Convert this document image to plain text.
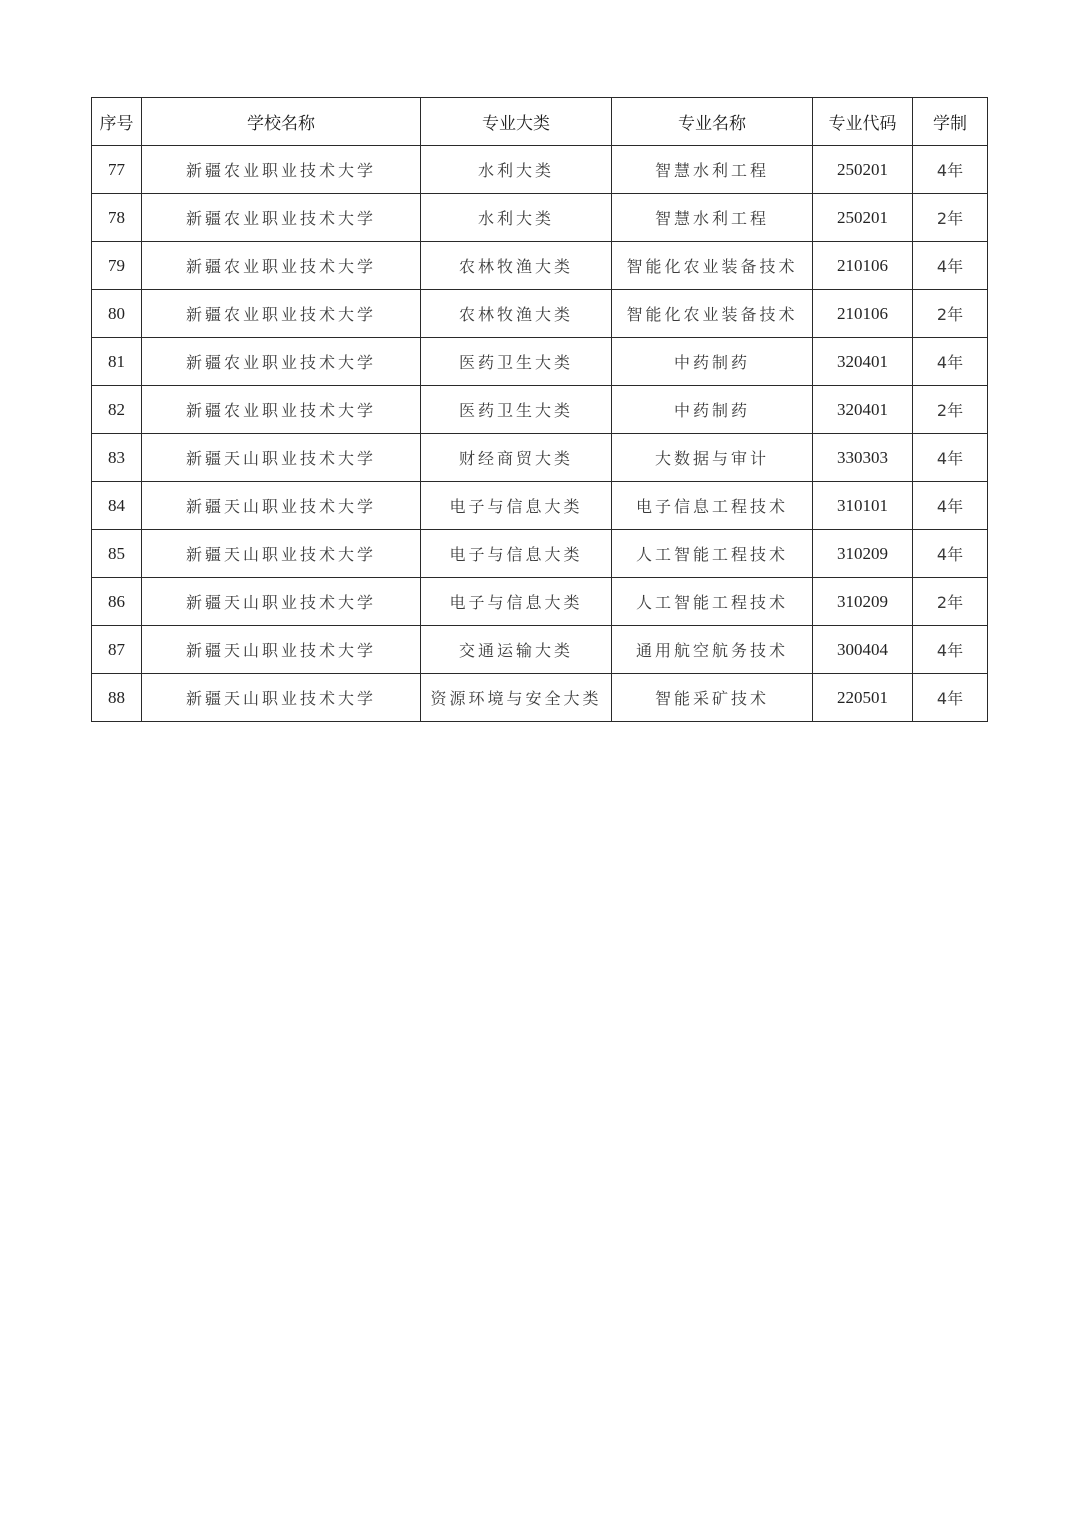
序号	学校名称	专业大类	专业名称	专业代码	学制
77	新疆农业职业技术大学	水利大类	智慧水利工程	250201	4年
78	新疆农业职业技术大学	水利大类	智慧水利工程	250201	2年
79	新疆农业职业技术大学	农林牧渔大类	智能化农业装备技术	210106	4年
80	新疆农业职业技术大学	农林牧渔大类	智能化农业装备技术	210106	2年
81	新疆农业职业技术大学	医药卫生大类	中药制药	320401	4年
82	新疆农业职业技术大学	医药卫生大类	中药制药	320401	2年
83	新疆天山职业技术大学	财经商贸大类	大数据与审计	330303	4年
84	新疆天山职业技术大学	电子与信息大类	电子信息工程技术	310101	4年
85	新疆天山职业技术大学	电子与信息大类	人工智能工程技术	310209	4年
86	新疆天山职业技术大学	电子与信息大类	人工智能工程技术	310209	2年
87	新疆天山职业技术大学	交通运输大类	通用航空航务技术	300404	4年
88	新疆天山职业技术大学	资源环境与安全大类	智能采矿技术	220501	4年
